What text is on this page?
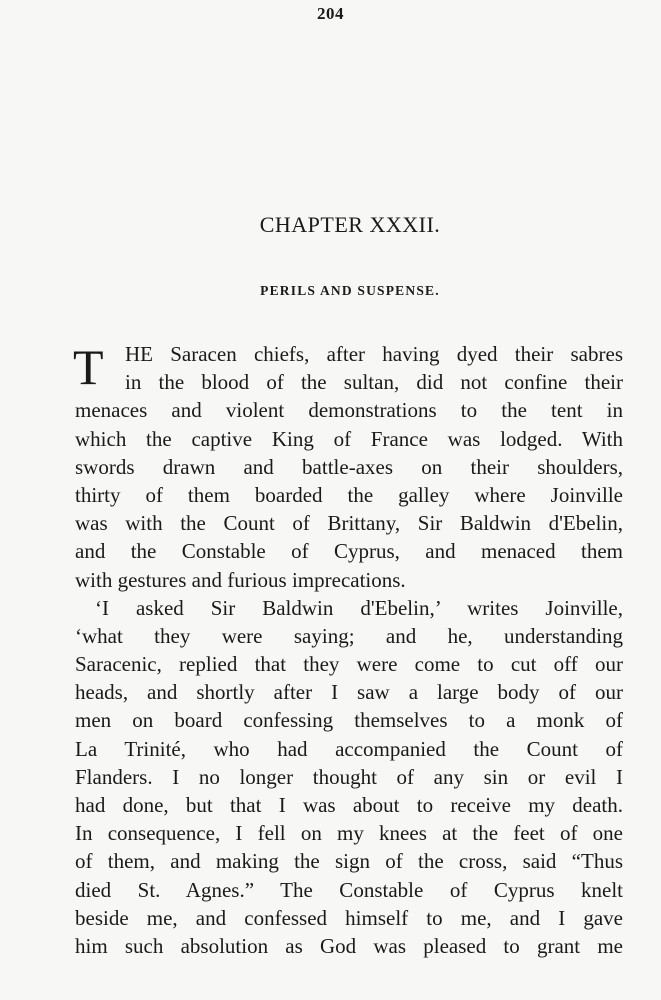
204
CHAPTER XXXII.
PERILS AND SUSPENSE.
T	HE Saracen chiefs, after having dyed their sabres
in the blood of the sultan, did not confine their
menaces and violent demonstrations to the tent in
which the captive King of France was lodged. With
swords drawn and battle-axes on their shoulders,
thirty of them boarded the galley where Joinville
was with the Count of Brittany, Sir Baldwin d'Ebelin,
and the Constable of Cyprus, and menaced them
with gestures and furious imprecations.
‘I asked Sir Baldwin d'Ebelin,’ writes Joinville,
‘what they were saying; and he, understanding
Saracenic, replied that they were come to cut off our
heads, and shortly after I saw a large body of our
men on board confessing themselves to a monk of
La Trinité, who had accompanied the Count of
Flanders. I no longer thought of any sin or evil I
had done, but that I was about to receive my death.
In consequence, I fell on my knees at the feet of one
of them, and making the sign of the cross, said “Thus
died St. Agnes.” The Constable of Cyprus knelt
beside me, and confessed himself to me, and I gave
him such absolution as God was pleased to grant me
